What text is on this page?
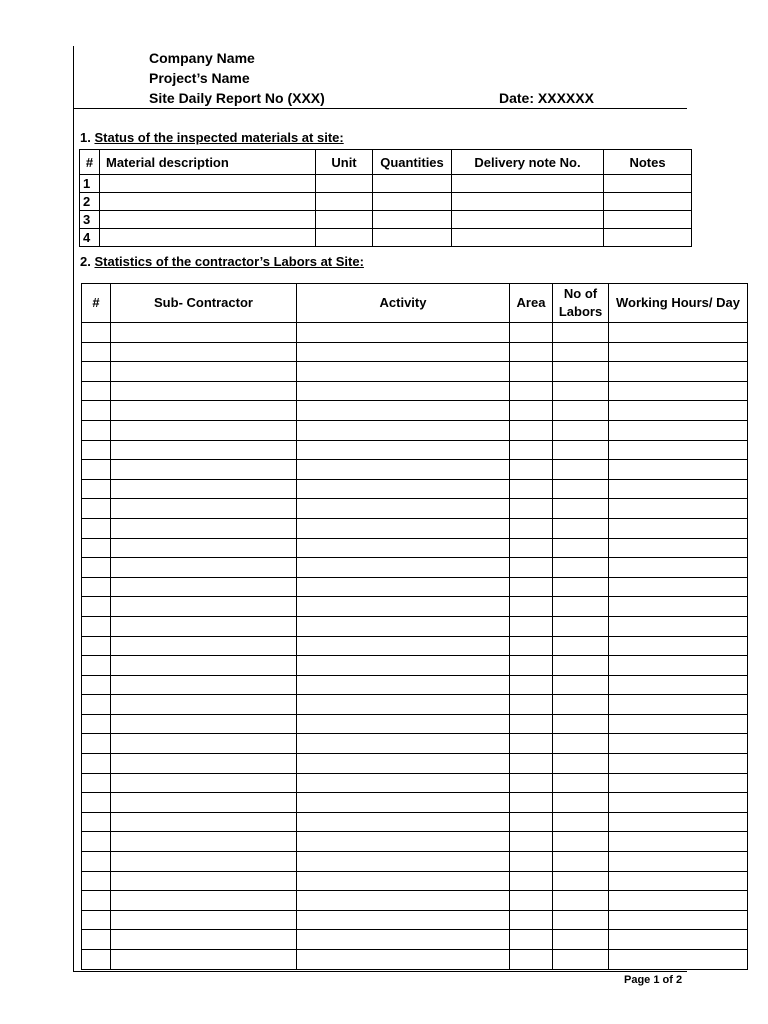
Company Name
Project’s Name
Site Daily Report No (XXX)	Date: XXXXXX
1. Status of the inspected materials at site:
#	Material description	Unit	Quantities	Delivery note No.	Notes
1					
2					
3					
4					
2. Statistics of the contractor’s Labors at Site:
#	Sub- Contractor	Activity	Area	No of Labors	Working Hours/ Day

Page 1 of 2
